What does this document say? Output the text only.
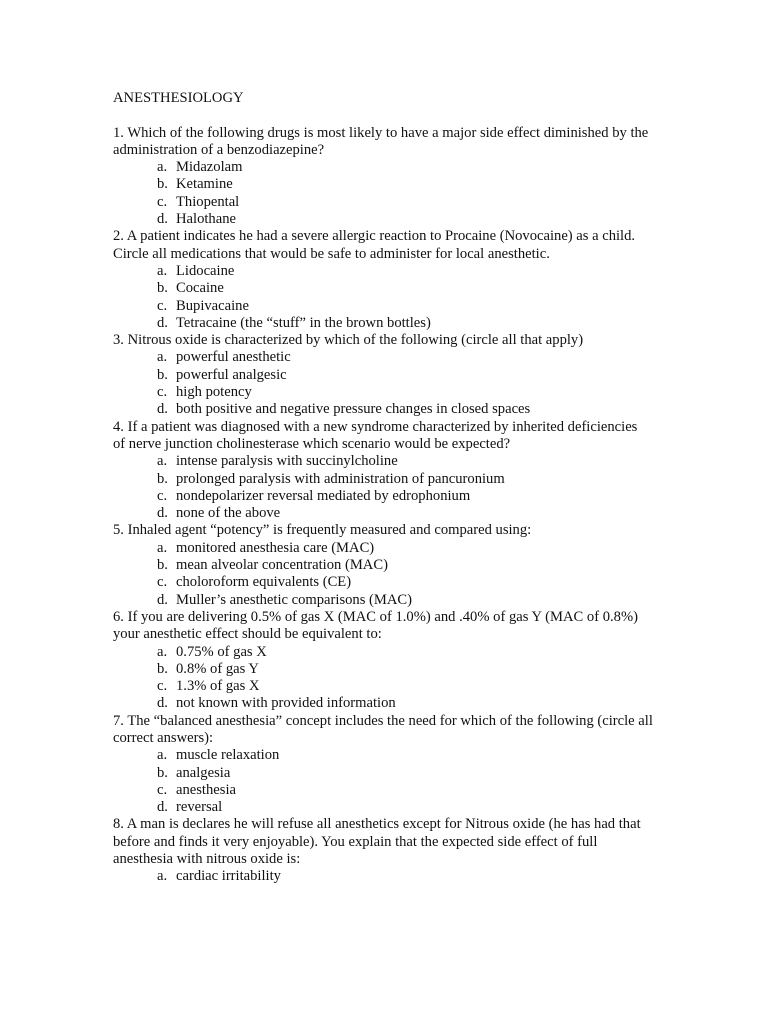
ANESTHESIOLOGY

1. Which of the following drugs is most likely to have a major side effect diminished by the administration of a benzodiazepine?

a. Midazolam
b. Ketamine
c. Thiopental
d. Halothane

2. A patient indicates he had a severe allergic reaction to Procaine (Novocaine) as a child. Circle all medications that would be safe to administer for local anesthetic.

a. Lidocaine
b. Cocaine
c. Bupivacaine
d. Tetracaine (the “stuff” in the brown bottles)

3. Nitrous oxide is characterized by which of the following (circle all that apply)

a. powerful anesthetic
b. powerful analgesic
c. high potency
d. both positive and negative pressure changes in closed spaces

4. If a patient was diagnosed with a new syndrome characterized by inherited deficiencies of nerve junction cholinesterase which scenario would be expected?

a. intense paralysis with succinylcholine
b. prolonged paralysis with administration of pancuronium
c. nondepolarizer reversal mediated by edrophonium
d. none of the above

5. Inhaled agent “potency” is frequently measured and compared using:

a. monitored anesthesia care (MAC)
b. mean alveolar concentration (MAC)
c. choloroform equivalents (CE)
d. Muller’s anesthetic comparisons (MAC)

6. If you are delivering 0.5% of gas X (MAC of 1.0%) and .40% of gas Y (MAC of 0.8%) your anesthetic effect should be equivalent to:

a. 0.75% of gas X
b. 0.8% of gas Y
c. 1.3% of gas X
d. not known with provided information

7. The “balanced anesthesia” concept includes the need for which of the following (circle all correct answers):

a. muscle relaxation
b. analgesia
c. anesthesia
d. reversal

8. A man is declares he will refuse all anesthetics except for Nitrous oxide (he has had that before and finds it very enjoyable). You explain that the expected side effect of full anesthesia with nitrous oxide is:

a. cardiac irritability
